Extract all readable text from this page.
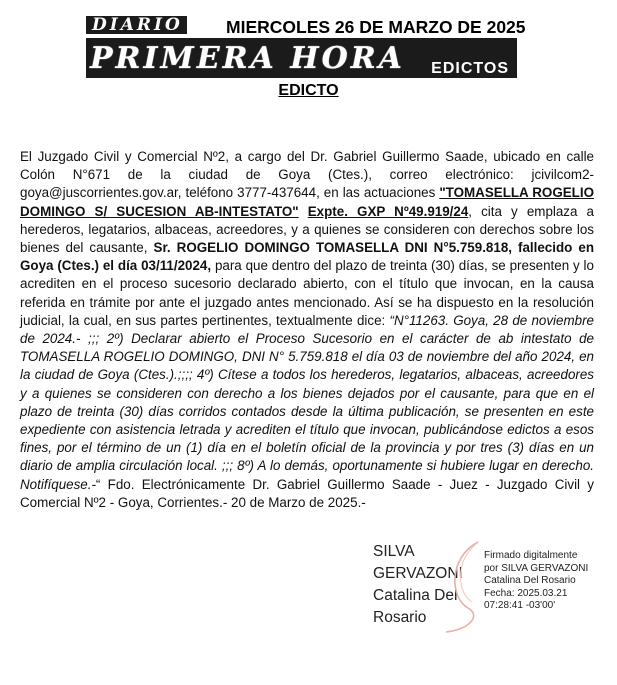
DIARIO
PRIMERA HORA EDICTOS
MIERCOLES 26 DE MARZO DE 2025
EDICTO
El Juzgado Civil y Comercial Nº2, a cargo del Dr. Gabriel Guillermo Saade, ubicado en calle Colón N°671 de la ciudad de Goya (Ctes.), correo electrónico: jcivilcom2-goya@juscorrientes.gov.ar, teléfono 3777-437644, en las actuaciones "TOMASELLA ROGELIO DOMINGO S/ SUCESION AB-INTESTATO" Expte. GXP Nº49.919/24, cita y emplaza a herederos, legatarios, albaceas, acreedores, y a quienes se consideren con derechos sobre los bienes del causante, Sr. ROGELIO DOMINGO TOMASELLA DNI N°5.759.818, fallecido en Goya (Ctes.) el día 03/11/2024, para que dentro del plazo de treinta (30) días, se presenten y lo acrediten en el proceso sucesorio declarado abierto, con el título que invocan, en la causa referida en trámite por ante el juzgado antes mencionado. Así se ha dispuesto en la resolución judicial, la cual, en sus partes pertinentes, textualmente dice: “N°11263. Goya, 28 de noviembre de 2024.- ;;; 2º) Declarar abierto el Proceso Sucesorio en el carácter de ab intestato de TOMASELLA ROGELIO DOMINGO, DNI N° 5.759.818 el día 03 de noviembre del año 2024, en la ciudad de Goya (Ctes.).;;;; 4º) Cítese a todos los herederos, legatarios, albaceas, acreedores y a quienes se consideren con derecho a los bienes dejados por el causante, para que en el plazo de treinta (30) días corridos contados desde la última publicación, se presenten en este expediente con asistencia letrada y acrediten el título que invocan, publicándose edictos a esos fines, por el término de un (1) día en el boletín oficial de la provincia y por tres (3) días en un diario de amplia circulación local. ;;; 8º) A lo demás, oportunamente si hubiere lugar en derecho. Notifíquese.-“ Fdo. Electrónicamente Dr. Gabriel Guillermo Saade - Juez - Juzgado Civil y Comercial Nº2 - Goya, Corrientes.- 20 de Marzo de 2025.-
SILVA
GERVAZONI
Catalina Del
Rosario
Firmado digitalmente
por SILVA GERVAZONI
Catalina Del Rosario
Fecha: 2025.03.21
07:28:41 -03'00'
